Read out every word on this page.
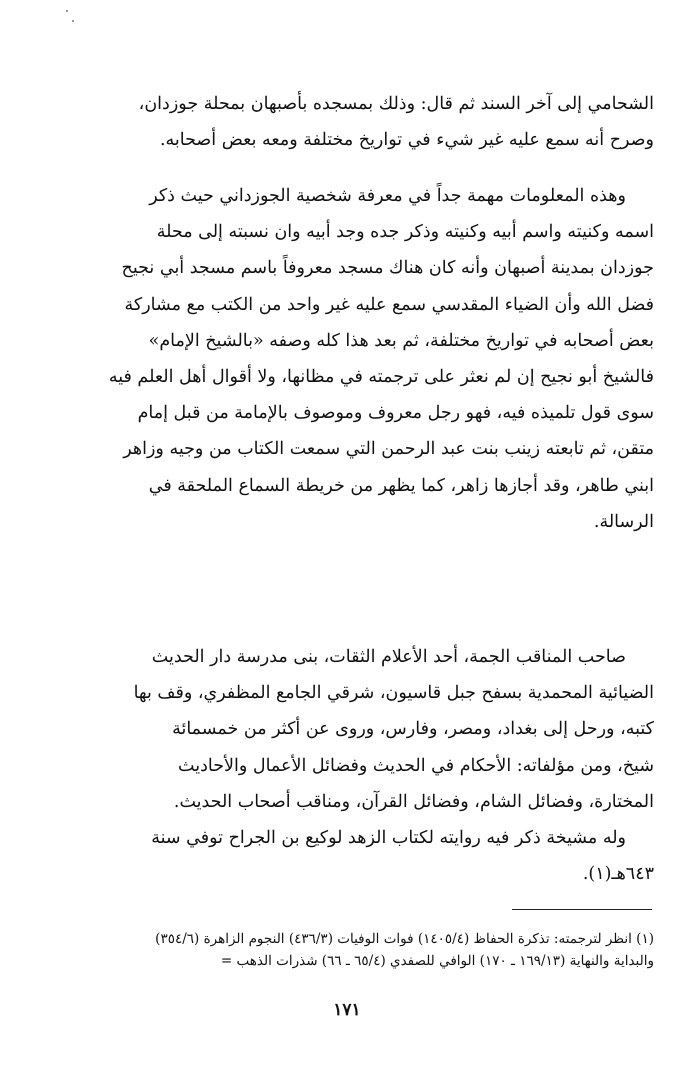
الشحامي إلى آخر السند ثم قال: وذلك بمسجده بأصبهان بمحلة جوزدان،
وصرح أنه سمع عليه غير شيء في تواريخ مختلفة ومعه بعض أصحابه.
وهذه المعلومات مهمة جداً في معرفة شخصية الجوزداني حيث ذكر
اسمه وكنيته واسم أبيه وكنيته وذكر جده وجد أبيه وان نسبته إلى محلة
جوزدان بمدينة أصبهان وأنه كان هناك مسجد معروفاً باسم مسجد أبي نجيح
فضل الله وأن الضياء المقدسي سمع عليه غير واحد من الكتب مع مشاركة
بعض أصحابه في تواريخ مختلفة، ثم بعد هذا كله وصفه «بالشيخ الإمام»
فالشيخ أبو نجيح إن لم نعثر على ترجمته في مظانها، ولا أقوال أهل العلم فيه
سوى قول تلميذه فيه، فهو رجل معروف وموصوف بالإمامة من قبل إمام
متقن، ثم تابعته زينب بنت عبد الرحمن التي سمعت الكتاب من وجيه وزاهر
ابني طاهر، وقد أجازها زاهر، كما يظهر من خريطة السماع الملحقة في
الرسالة.
صاحب المناقب الجمة، أحد الأعلام الثقات، بنى مدرسة دار الحديث
الضيائية المحمدية بسفح جبل قاسيون، شرقي الجامع المظفري، وقف بها
كتبه، ورحل إلى بغداد، ومصر، وفارس، وروى عن أكثر من خمسمائة
شيخ، ومن مؤلفاته: الأحكام في الحديث وفضائل الأعمال والأحاديث
المختارة، وفضائل الشام، وفضائل القرآن، ومناقب أصحاب الحديث.
وله مشيخة ذكر فيه روايته لكتاب الزهد لوكيع بن الجراح توفي سنة
٦٤٣هـ(١).
(١) انظر لترجمته: تذكرة الحفاظ (١٤٠٥/٤) فوات الوفيات (٤٣٦/٣) النجوم الزاهرة (٣٥٤/٦)
والبداية والنهاية (١٦٩/١٣ ـ ١٧٠) الوافي للصفدي (٦٥/٤ ـ ٦٦) شذرات الذهب =
١٧١
